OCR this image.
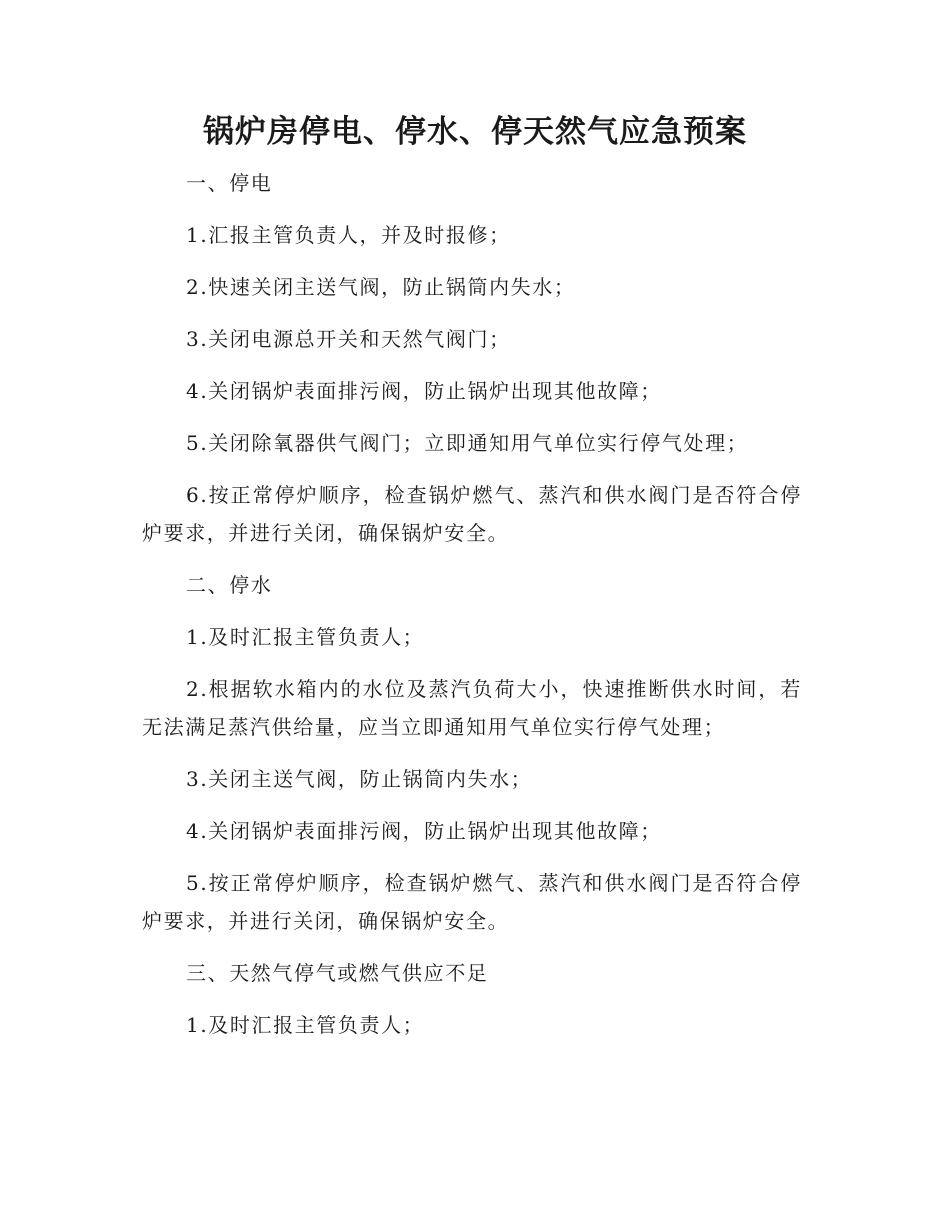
锅炉房停电、停水、停天然气应急预案

一、停电

1.汇报主管负责人，并及时报修；

2.快速关闭主送气阀，防止锅筒内失水；

3.关闭电源总开关和天然气阀门；

4.关闭锅炉表面排污阀，防止锅炉出现其他故障；

5.关闭除氧器供气阀门；立即通知用气单位实行停气处理；

6.按正常停炉顺序，检查锅炉燃气、蒸汽和供水阀门是否符合停炉要求，并进行关闭，确保锅炉安全。

二、停水

1.及时汇报主管负责人；

2.根据软水箱内的水位及蒸汽负荷大小，快速推断供水时间，若无法满足蒸汽供给量，应当立即通知用气单位实行停气处理；

3.关闭主送气阀，防止锅筒内失水；

4.关闭锅炉表面排污阀，防止锅炉出现其他故障；

5.按正常停炉顺序，检查锅炉燃气、蒸汽和供水阀门是否符合停炉要求，并进行关闭，确保锅炉安全。

三、天然气停气或燃气供应不足

1.及时汇报主管负责人；
